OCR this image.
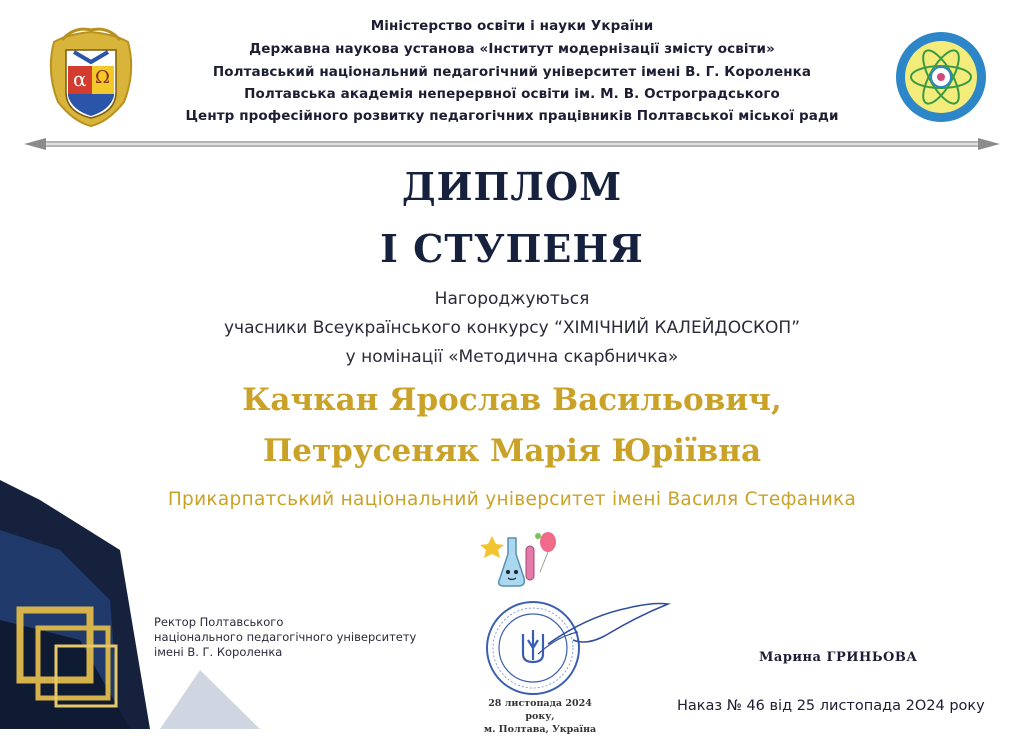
α Ω
Міністерство освіти і науки України
Державна наукова установа «Інститут модернізації змісту освіти»
Полтавський національний педагогічний університет імені В. Г. Короленка
Полтавська академія неперервної освіти ім. М. В. Остроградського
Центр професійного розвитку педагогічних працівників Полтавської міської ради
ДИПЛОМ
І СТУПЕНЯ
Нагороджуються
учасники Всеукраїнського конкурсу “ХІМІЧНИЙ КАЛЕЙДОСКОП”
у номінації «Методична скарбничка»
Качкан Ярослав Васильович,
Петрусеняк Марія Юріївна
Прикарпатський національний університет імені Василя Стефаника
Ректор Полтавського
національного педагогічного університету
імені В. Г. Короленка
28 листопада 2024 року,
м. Полтава, Україна
Марина ГРИНЬОВА
Наказ № 46 від 25 листопада 2О24 року
